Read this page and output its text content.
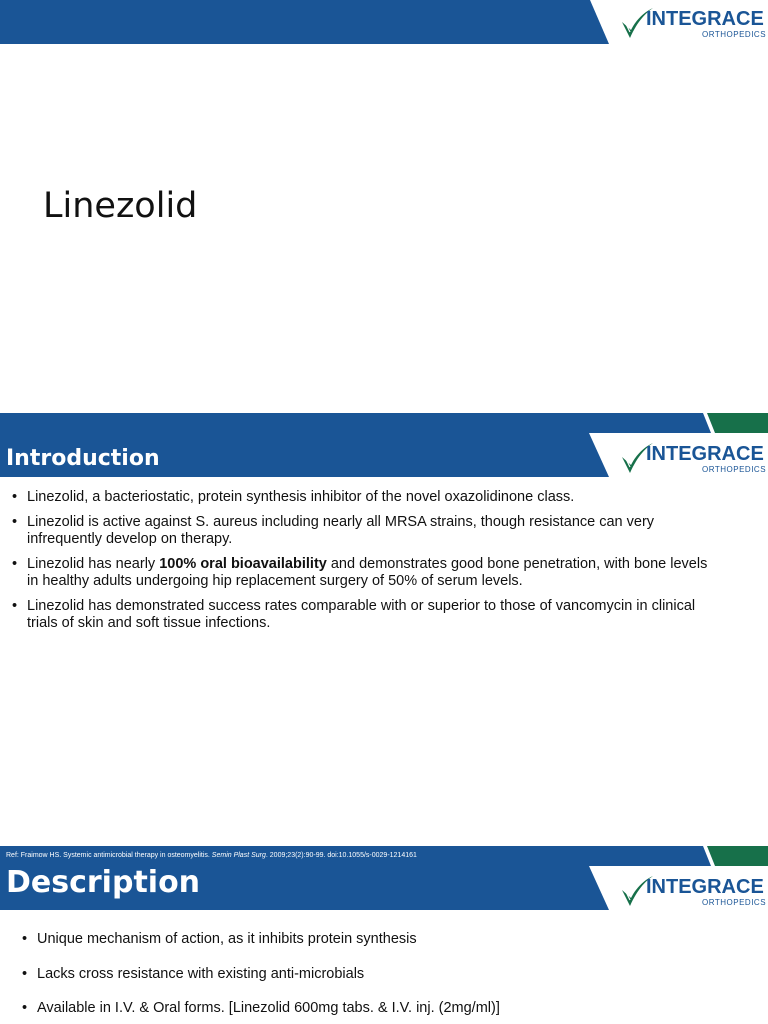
INTEGRACE
ORTHOPEDICS
Linezolid
INTEGRACE
ORTHOPEDICS
Introduction
• Linezolid, a bacteriostatic, protein synthesis inhibitor of the novel oxazolidinone class.
• Linezolid is active against S. aureus including nearly all MRSA strains, though resistance can very infrequently develop on therapy.
• Linezolid has nearly 100% oral bioavailability and demonstrates good bone penetration, with bone levels in healthy adults undergoing hip replacement surgery of 50% of serum levels.
• Linezolid has demonstrated success rates comparable with or superior to those of vancomycin in clinical trials of skin and soft tissue infections.
Ref: Fraimow HS. Systemic antimicrobial therapy in osteomyelitis. Semin Plast Surg. 2009;23(2):90-99. doi:10.1055/s-0029-1214161
INTEGRACE
ORTHOPEDICS
Description
• Unique mechanism of action, as it inhibits protein synthesis
• Lacks cross resistance with existing anti-microbials
• Available in I.V. & Oral forms. [Linezolid 600mg tabs. & I.V. inj. (2mg/ml)]
